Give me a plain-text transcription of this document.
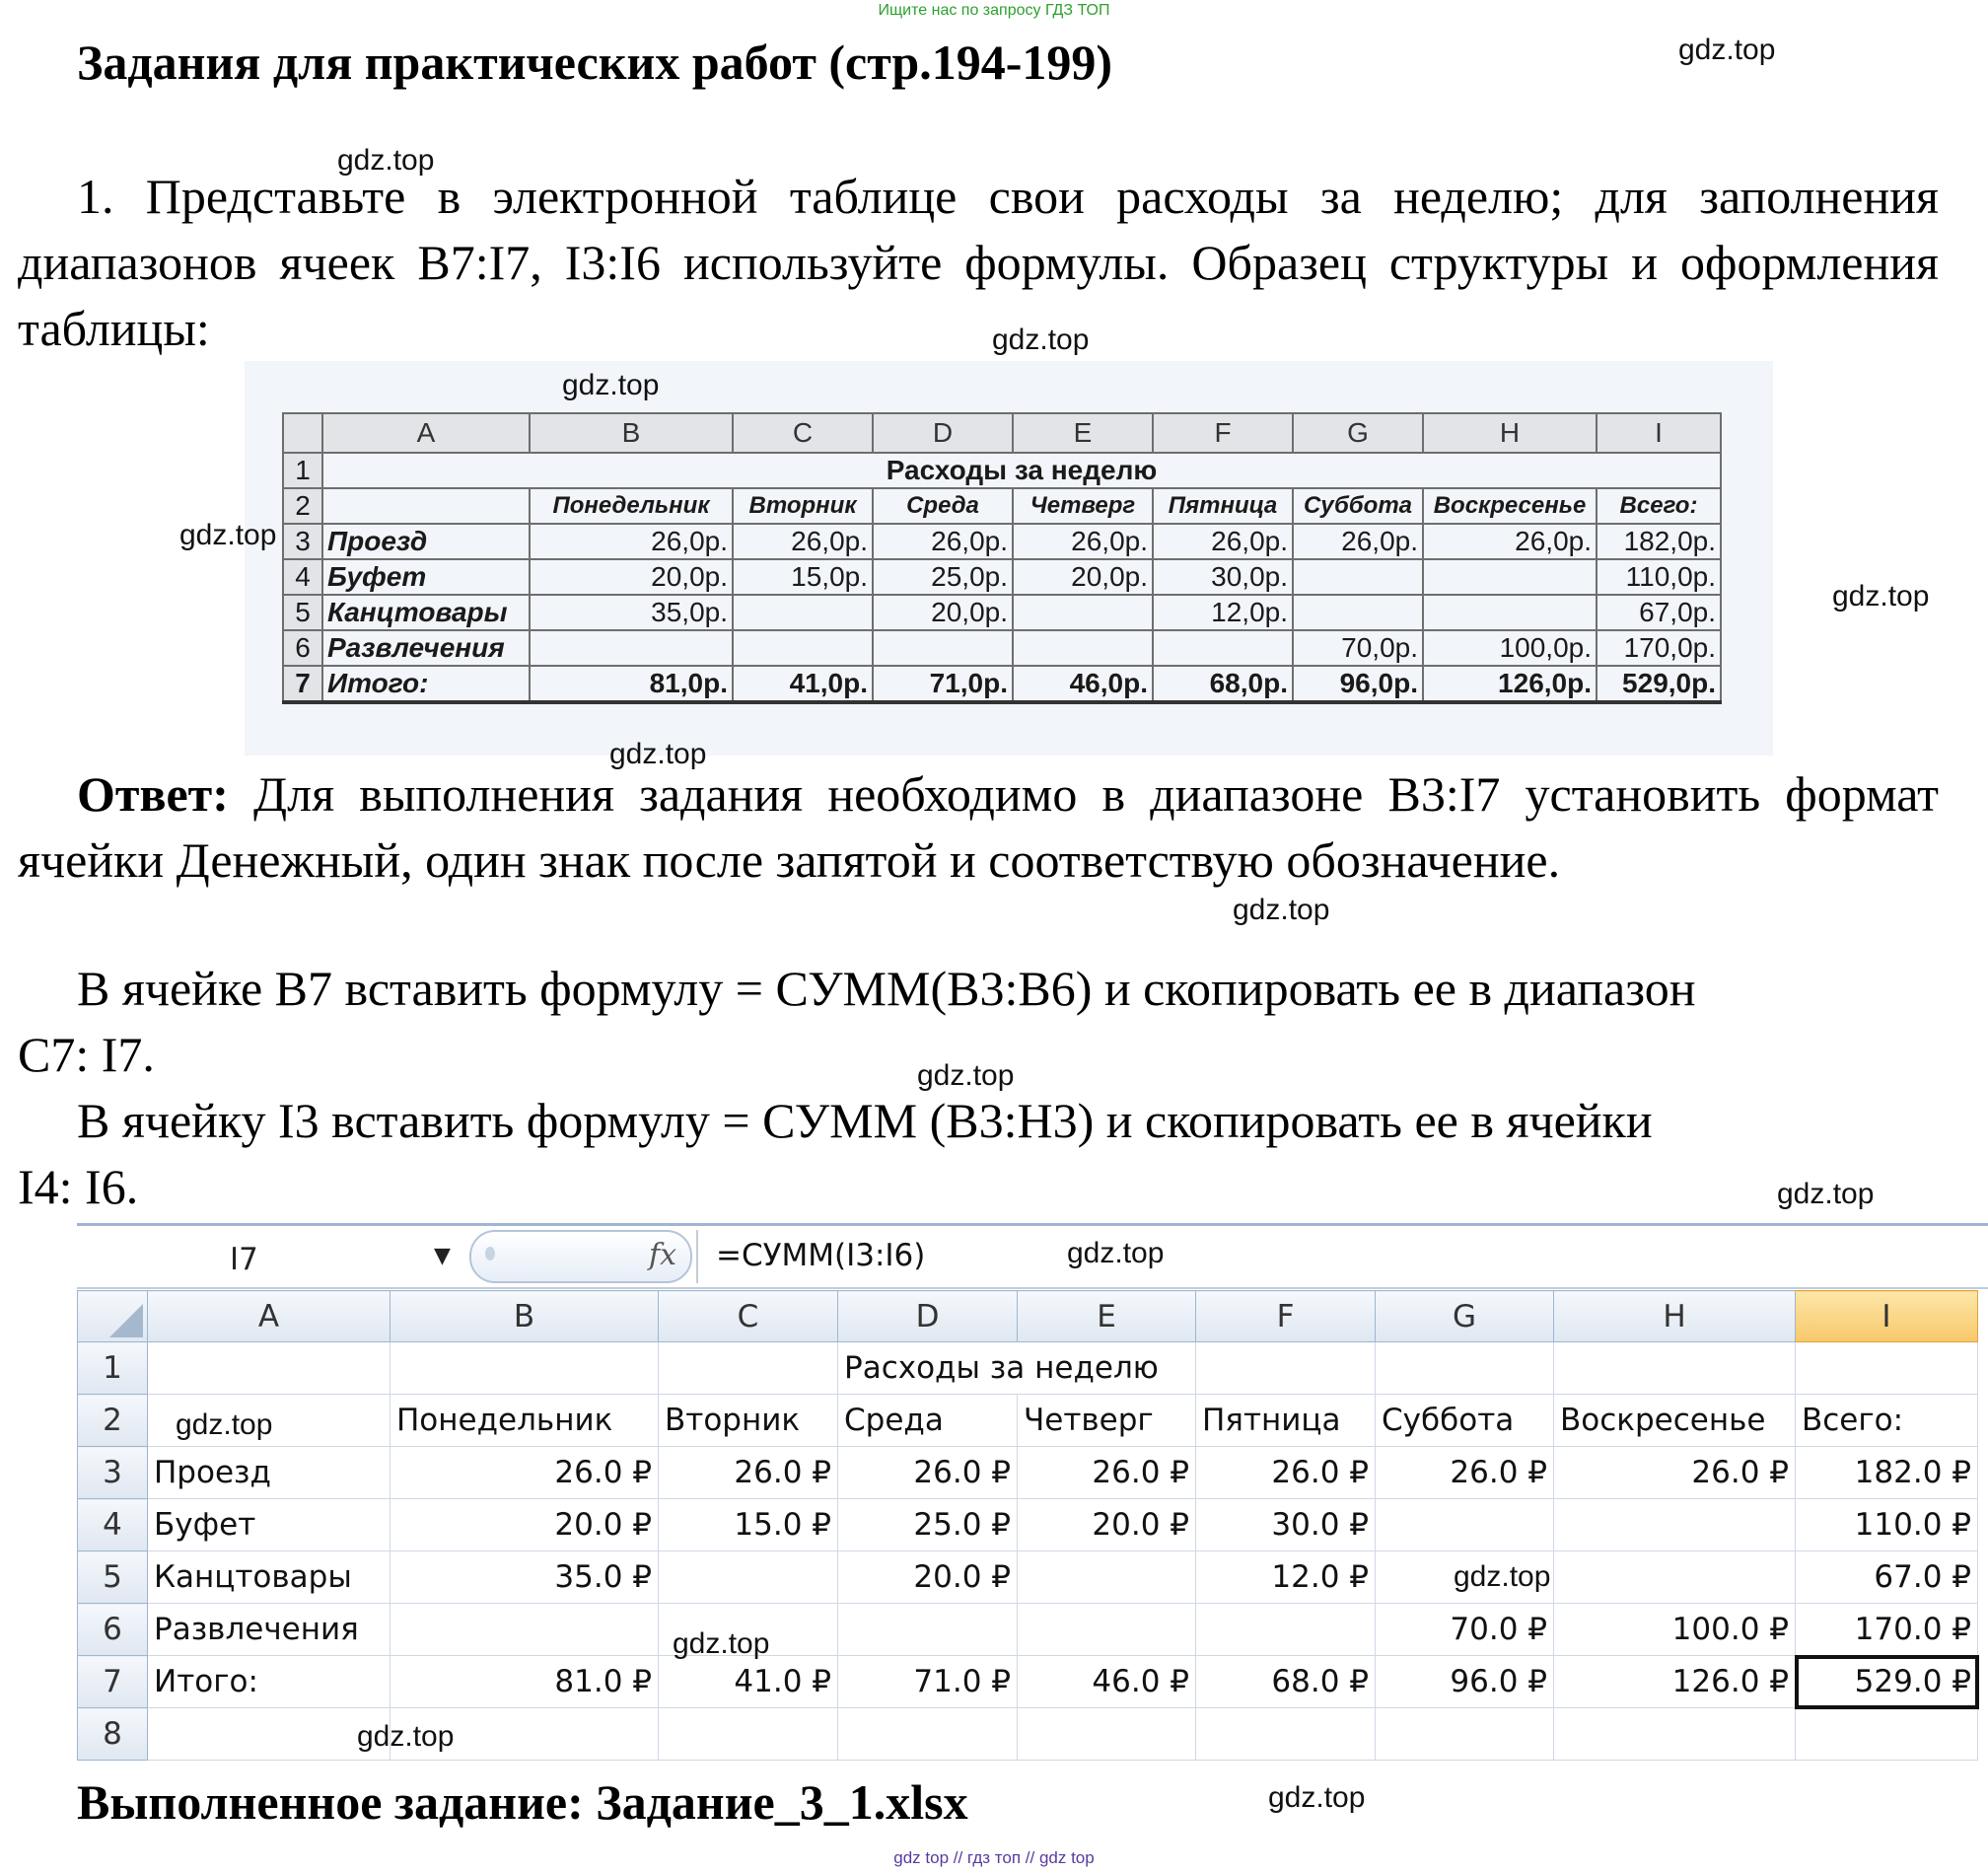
Ищите нас по запросу ГДЗ ТОП
Задания для практических работ (стр.194-199)
1. Представьте в электронной таблице свои расходы за неделю; для заполнения диапазонов ячеек B7:I7, I3:I6 используйте формулы. Образец структуры и оформления таблицы:
	A	B	C	D	E	F	G	H	I
1	Расходы за неделю								
2		Понедельник	Вторник	Среда	Четверг	Пятница	Суббота	Воскресенье	Всего:
3	Проезд	26,0р.	26,0р.	26,0р.	26,0р.	26,0р.	26,0р.	26,0р.	182,0р.
4	Буфет	20,0р.	15,0р.	25,0р.	20,0р.	30,0р.			110,0р.
5	Канцтовары	35,0р.		20,0р.		12,0р.			67,0р.
6	Развлечения						70,0р.	100,0р.	170,0р.
7	Итого:	81,0р.	41,0р.	71,0р.	46,0р.	68,0р.	96,0р.	126,0р.	529,0р.
Ответ: Для выполнения задания необходимо в диапазоне B3:I7 установить формат ячейки Денежный, один знак после запятой и соответствую обозначение.
В ячейке B7 вставить формулу = СУММ(B3:B6) и скопировать ее в диапазон
C7: I7.
В ячейку I3 вставить формулу = СУММ (B3:H3) и скопировать ее в ячейки
I4: I6.
I7	▼	fx =СУММ(I3:I6)
	A	B	C	D	E	F	G	H	I
1				Расходы за неделю					
2		Понедельник	Вторник	Среда	Четверг	Пятница	Суббота	Воскресенье	Всего:
3	Проезд	26.0 ₽	26.0 ₽	26.0 ₽	26.0 ₽	26.0 ₽	26.0 ₽	26.0 ₽	182.0 ₽
4	Буфет	20.0 ₽	15.0 ₽	25.0 ₽	20.0 ₽	30.0 ₽			110.0 ₽
5	Канцтовары	35.0 ₽		20.0 ₽		12.0 ₽			67.0 ₽
6	Развлечения						70.0 ₽	100.0 ₽	170.0 ₽
7	Итого:	81.0 ₽	41.0 ₽	71.0 ₽	46.0 ₽	68.0 ₽	96.0 ₽	126.0 ₽	529.0 ₽
8									
Выполненное задание: Задание_3_1.xlsx
gdz.top
gdz.top
gdz.top
gdz.top
gdz.top
gdz.top
gdz.top
gdz.top
gdz.top
gdz.top
gdz.top
gdz.top
gdz.top
gdz.top
gdz.top
gdz.top
gdz top // гдз топ // gdz top
